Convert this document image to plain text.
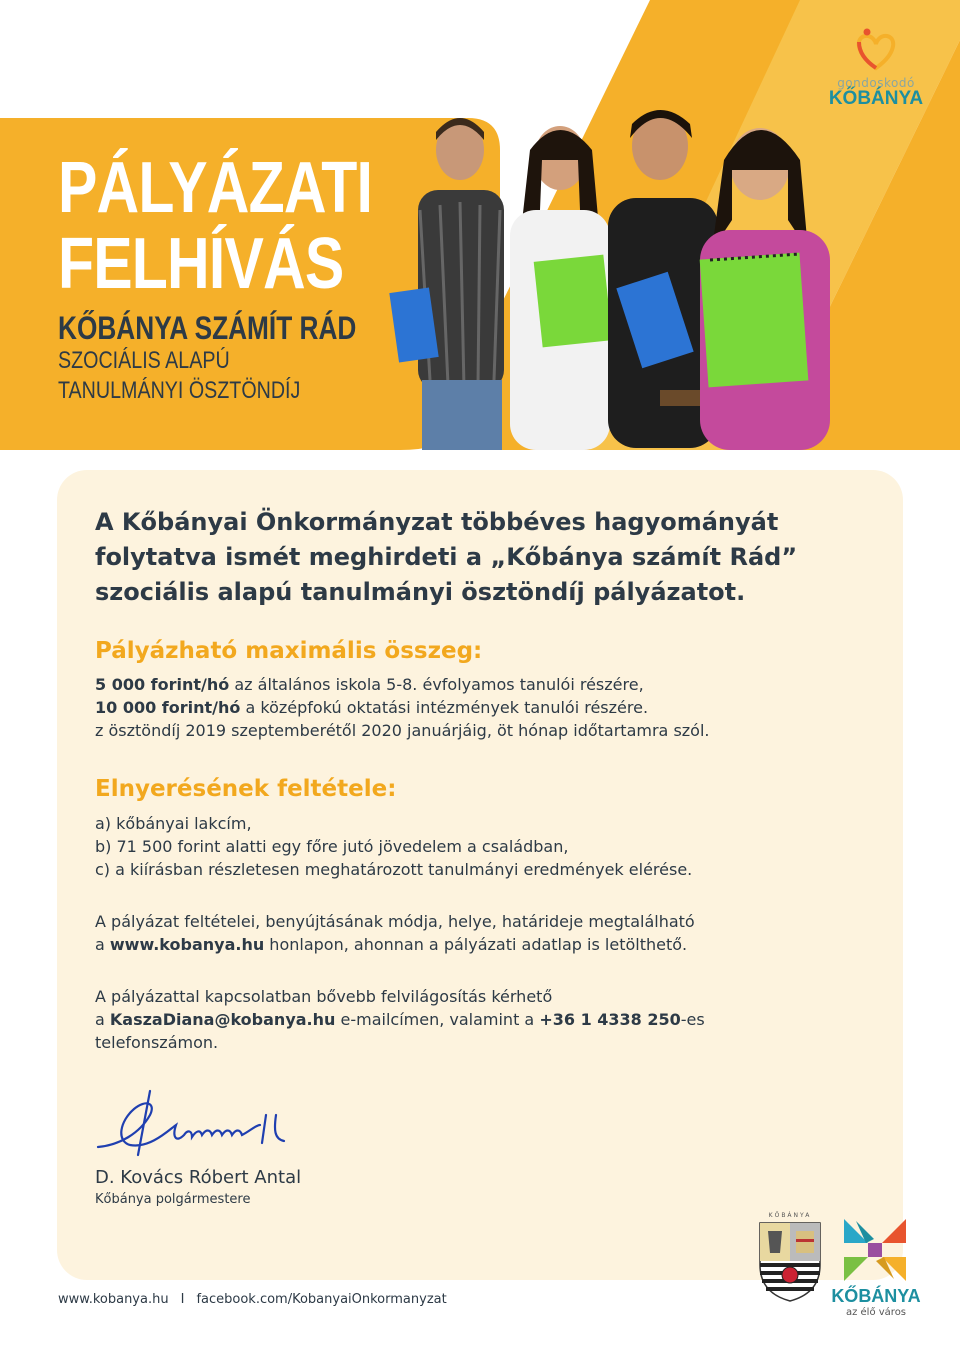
PÁLYÁZATI
FELHÍVÁS
KŐBÁNYA SZÁMÍT RÁD
SZOCIÁLIS ALAPÚ
TANULMÁNYI ÖSZTÖNDÍJ
gondoskodó
KŐBÁNYA
A Kőbányai Önkormányzat többéves hagyományát
folytatva ismét meghirdeti a „Kőbánya számít Rád”
szociális alapú tanulmányi ösztöndíj pályázatot.
Pályázható maximális összeg:
5 000 forint/hó az általános iskola 5-8. évfolyamos tanulói részére,
10 000 forint/hó a középfokú oktatási intézmények tanulói részére.
z ösztöndíj 2019 szeptemberétől 2020 januárjáig, öt hónap időtartamra szól.
Elnyerésének feltétele:
a) kőbányai lakcím,
b) 71 500 forint alatti egy főre jutó jövedelem a családban,
c) a kiírásban részletesen meghatározott tanulmányi eredmények elérése.
A pályázat feltételei, benyújtásának módja, helye, határideje megtalálható
a www.kobanya.hu honlapon, ahonnan a pályázati adatlap is letölthető.
A pályázattal kapcsolatban bővebb felvilágosítás kérhető
a KaszaDiana@kobanya.hu e-mailcímen, valamint a +36 1 4338 250-es
telefonszámon.
D. Kovács Róbert Antal
Kőbánya polgármestere
www.kobanya.hu I facebook.com/KobanyaiOnkormanyzat
KŐBÁNYA
KŐBÁNYA
az élő város
